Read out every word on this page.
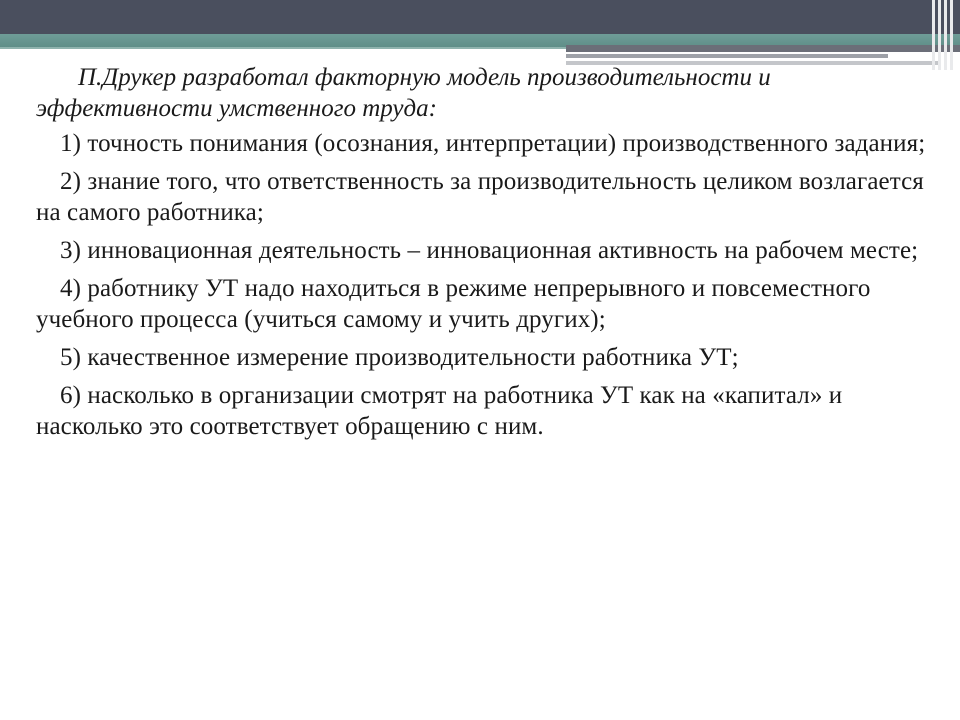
П.Друкер разработал факторную модель производительности и эффективности умственного труда:

1) точность понимания (осознания, интерпретации) производственного задания;

2) знание того, что ответственность за производительность целиком возлагается на самого работника;

3) инновационная деятельность – инновационная активность на рабочем месте;

4) работнику УТ надо находиться в режиме непрерывного и повсеместного учебного процесса (учиться самому и учить других);

5) качественное измерение производительности работника УТ;

6) насколько в организации смотрят на работника УТ как на «капитал» и насколько это соответствует обращению с ним.
